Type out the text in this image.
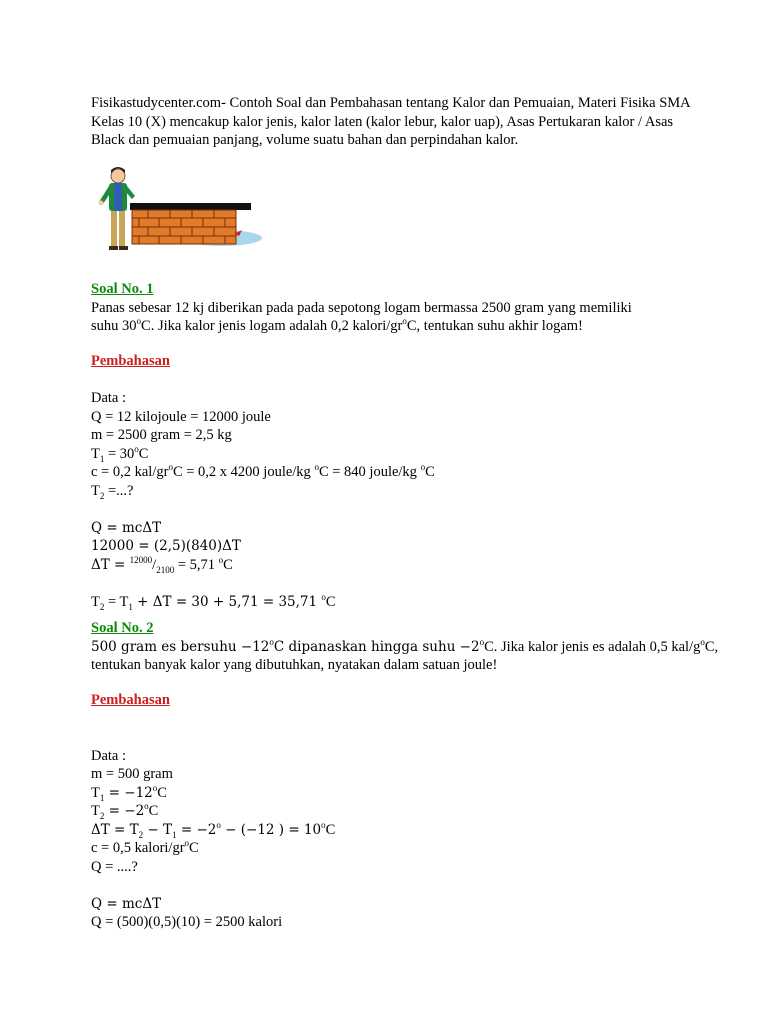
Fisikastudycenter.com- Contoh Soal dan Pembahasan tentang Kalor dan Pemuaian, Materi Fisika SMA Kelas 10 (X) mencakup kalor jenis, kalor laten (kalor lebur, kalor uap), Asas Pertukaran kalor / Asas Black dan pemuaian panjang, volume suatu bahan dan perpindahan kalor.
Soal No. 1
Panas sebesar 12 kj diberikan pada pada sepotong logam bermassa 2500 gram yang memiliki
suhu 30$^o$C. Jika kalor jenis logam adalah 0,2 kalori/$gr^oC$, tentukan suhu akhir logam!
Pembahasan
Data :
Q = 12 kilojoule = 12000 joule
m = 2500 gram = 2,5 kg
$T_1 = 30^oC$
c = 0,2 kal/$gr^oC = 0,2$ x 4200 joule/kg $^o$C = 840 joule/kg $^o$C
$T_2$ =...?
Q = mcΔT
12000 = (2,5)(840)ΔT
$\Delta T = ^{12000}/_{2100} = 5,71$ $^o$C
$T_2 = T_1 + \Delta T = 30 + 5,71 = 35,71$ $^o$C
Soal No. 2
500 gram es bersuhu $-12^oC$ dipanaskan hingga suhu $-2^oC$. Jika kalor jenis es adalah 0,5 kal/$g^oC$,
tentukan banyak kalor yang dibutuhkan, nyatakan dalam satuan joule!
Pembahasan
Data :
m = 500 gram
$T_1 = -12^oC$
$T_2 = -2^oC$
$\Delta T = T_2 - T_1 = -2^o - (-12$ ) = $10^oC$
c = 0,5 kalori/$gr^oC$
Q = ....?
Q = mcΔT
Q = (500)(0,5)(10) = 2500 kalori
